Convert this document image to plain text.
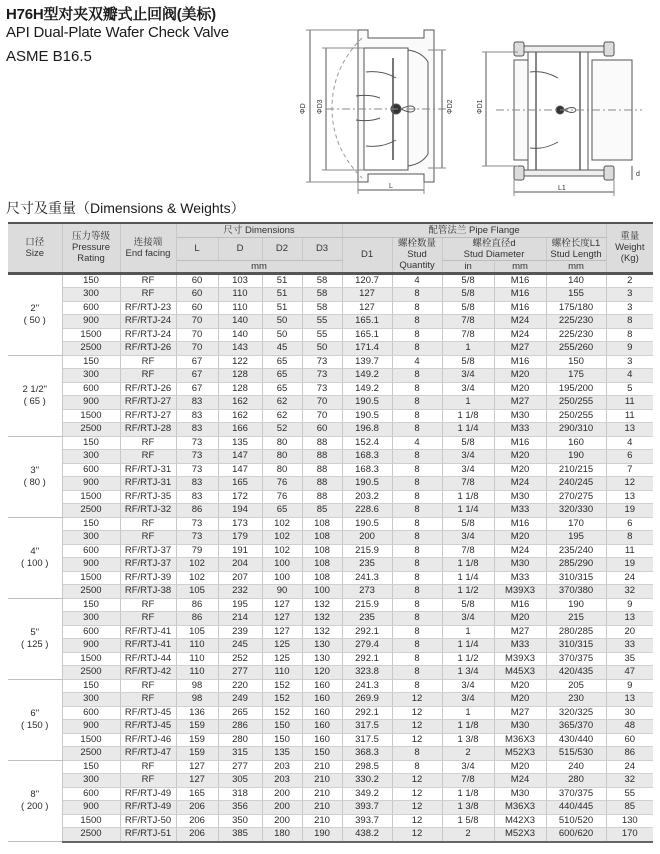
H76H型对夹双瓣式止回阀(美标)
API Dual-Plate Wafer Check Valve
ASME B16.5
ΦD ΦD3	ΦD2
L
ΦD1
L1
d
尺寸及重量（Dimensions & Weights）
口径
Size	压力等级
Pressure
Rating	连接端
End facing	尺寸 Dimensions				配管法兰 Pipe Flange					重量
Weight
(Kg)

			L	D	D2	D3	D1	螺栓数量
Stud
Quantity	螺栓直径d
Stud Diameter		螺栓长度L1
Stud Length	

			mm						in	mm	mm	

2"
( 50 )	150	RF	60	103	51	58	120.7	4	5/8	M16	140	2
	300	RF	60	110	51	58	127	8	5/8	M16	155	3
	600	RF/RTJ-23	60	110	51	58	127	8	5/8	M16	175/180	3
	900	RF/RTJ-24	70	140	50	55	165.1	8	7/8	M24	225/230	8
	1500	RF/RTJ-24	70	140	50	55	165.1	8	7/8	M24	225/230	8
	2500	RF/RTJ-26	70	143	45	50	171.4	8	1	M27	255/260	9

2 1/2"
( 65 )	150	RF	67	122	65	73	139.7	4	5/8	M16	150	3
	300	RF	67	128	65	73	149.2	8	3/4	M20	175	4
	600	RF/RTJ-26	67	128	65	73	149.2	8	3/4	M20	195/200	5
	900	RF/RTJ-27	83	162	62	70	190.5	8	1	M27	250/255	11
	1500	RF/RTJ-27	83	162	62	70	190.5	8	1 1/8	M30	250/255	11
	2500	RF/RTJ-28	83	166	52	60	196.8	8	1 1/4	M33	290/310	13

3"
( 80 )	150	RF	73	135	80	88	152.4	4	5/8	M16	160	4
	300	RF	73	147	80	88	168.3	8	3/4	M20	190	6
	600	RF/RTJ-31	73	147	80	88	168.3	8	3/4	M20	210/215	7
	900	RF/RTJ-31	83	165	76	88	190.5	8	7/8	M24	240/245	12
	1500	RF/RTJ-35	83	172	76	88	203.2	8	1 1/8	M30	270/275	13
	2500	RF/RTJ-32	86	194	65	85	228.6	8	1 1/4	M33	320/330	19

4"
( 100 )	150	RF	73	173	102	108	190.5	8	5/8	M16	170	6
	300	RF	73	179	102	108	200	8	3/4	M20	195	8
	600	RF/RTJ-37	79	191	102	108	215.9	8	7/8	M24	235/240	11
	900	RF/RTJ-37	102	204	100	108	235	8	1 1/8	M30	285/290	19
	1500	RF/RTJ-39	102	207	100	108	241.3	8	1 1/4	M33	310/315	24
	2500	RF/RTJ-38	105	232	90	100	273	8	1 1/2	M39X3	370/380	32

5"
( 125 )	150	RF	86	195	127	132	215.9	8	5/8	M16	190	9
	300	RF	86	214	127	132	235	8	3/4	M20	215	13
	600	RF/RTJ-41	105	239	127	132	292.1	8	1	M27	280/285	20
	900	RF/RTJ-41	110	245	125	130	279.4	8	1 1/4	M33	310/315	33
	1500	RF/RTJ-44	110	252	125	130	292.1	8	1 1/2	M39X3	370/375	35
	2500	RF/RTJ-42	110	277	110	120	323.8	8	1 3/4	M45X3	420/435	47

6"
( 150 )	150	RF	98	220	152	160	241.3	8	3/4	M20	205	9
	300	RF	98	249	152	160	269.9	12	3/4	M20	230	13
	600	RF/RTJ-45	136	265	152	160	292.1	12	1	M27	320/325	30
	900	RF/RTJ-45	159	286	150	160	317.5	12	1 1/8	M30	365/370	48
	1500	RF/RTJ-46	159	280	150	160	317.5	12	1 3/8	M36X3	430/440	60
	2500	RF/RTJ-47	159	315	135	150	368.3	8	2	M52X3	515/530	86

8"
( 200 )	150	RF	127	277	203	210	298.5	8	3/4	M20	240	24
	300	RF	127	305	203	210	330.2	12	7/8	M24	280	32
	600	RF/RTJ-49	165	318	200	210	349.2	12	1 1/8	M30	370/375	55
	900	RF/RTJ-49	206	356	200	210	393.7	12	1 3/8	M36X3	440/445	85
	1500	RF/RTJ-50	206	350	200	210	393.7	12	1 5/8	M42X3	510/520	130
	2500	RF/RTJ-51	206	385	180	190	438.2	12	2	M52X3	600/620	170
